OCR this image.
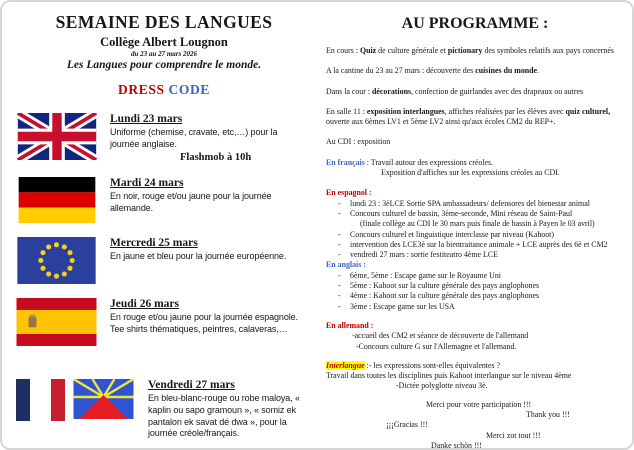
SEMAINE DES LANGUES
Collège Albert Lougnon
du 23 au 27 mars 2026
Les Langues pour comprendre le monde.
DRESS CODE
Lundi 23 mars
Uniforme (chemise, cravate, etc,…) pour la journée anglaise.
Flashmob à 10h
Mardi 24 mars
En noir, rouge et/ou jaune pour la journée allemande.
Mercredi 25 mars
En jaune et bleu pour la journée européenne.
Jeudi 26 mars
En rouge et/ou jaune pour la journée espagnole. Tee shirts thématiques, peintres, calaveras,…
Vendredi 27 mars
En bleu-blanc-rouge ou robe maloya, « kaplin ou sapo gramoun », « somiz ek pantalon ek savat dé dwa », pour la journée créole/français.
AU PROGRAMME :
En cours : Quiz de culture générale et pictionary des symboles relatifs aux pays concernés
A la cantine du 23 au 27 mars : découverte des cuisines du monde.
Dans la cour : décorations, confection de guirlandes avec des drapeaux ou autres
En salle 11 : exposition interlangues, affiches réalisées par les élèves avec quiz culturel,
ouverte aux 6èmes LV1 et 5ème LV2 ainsi qu'aux écoles CM2 du REP+.
Au CDI : exposition
En français : Travail autour des expressions créoles.
Exposition d'affiches sur les expressions créoles au CDI.
En espagnol :
- lundi 23 : 3èLCE Sortie SPA ambassadeurs/ defensores del bienestar animal
- Concours culturel de bassin, 3ème-seconde, Mini réseau de Saint-Paul
(finale collège au CDI le 30 mars puis finale de bassin à Payen le 03 avril)
- Concours culturel et linguistique interclasse par niveau (Kahoot)
- intervention des LCE3è sur la bientraitance animale + LCE auprès des 6è et CM2
- vendredi 27 mars : sortie festiteatro 4ème LCE
En anglais :
- 6ème, 5ème : Escape game sur le Royaume Uni
- 5ème : Kahoot sur la culture générale des pays anglophones
- 4ème : Kahoot sur la culture générale des pays anglophones
- 3ème : Escape game sur les USA
En allemand :
-accueil des CM2 et séance de découverte de l'allemand
-Concours culture G sur l'Allemagne et l'allemand.
Interlangue :- les expressions sont-elles équivalentes ?
Travail dans toutes les disciplines puis Kahoot interlangue sur le niveau 4ème
-Dictée polyglotte niveau 3è.
Merci pour votre participation !!!
Thank you !!!
¡¡¡Gracias !!!
Merci zot tout !!!
Danke schön !!!
